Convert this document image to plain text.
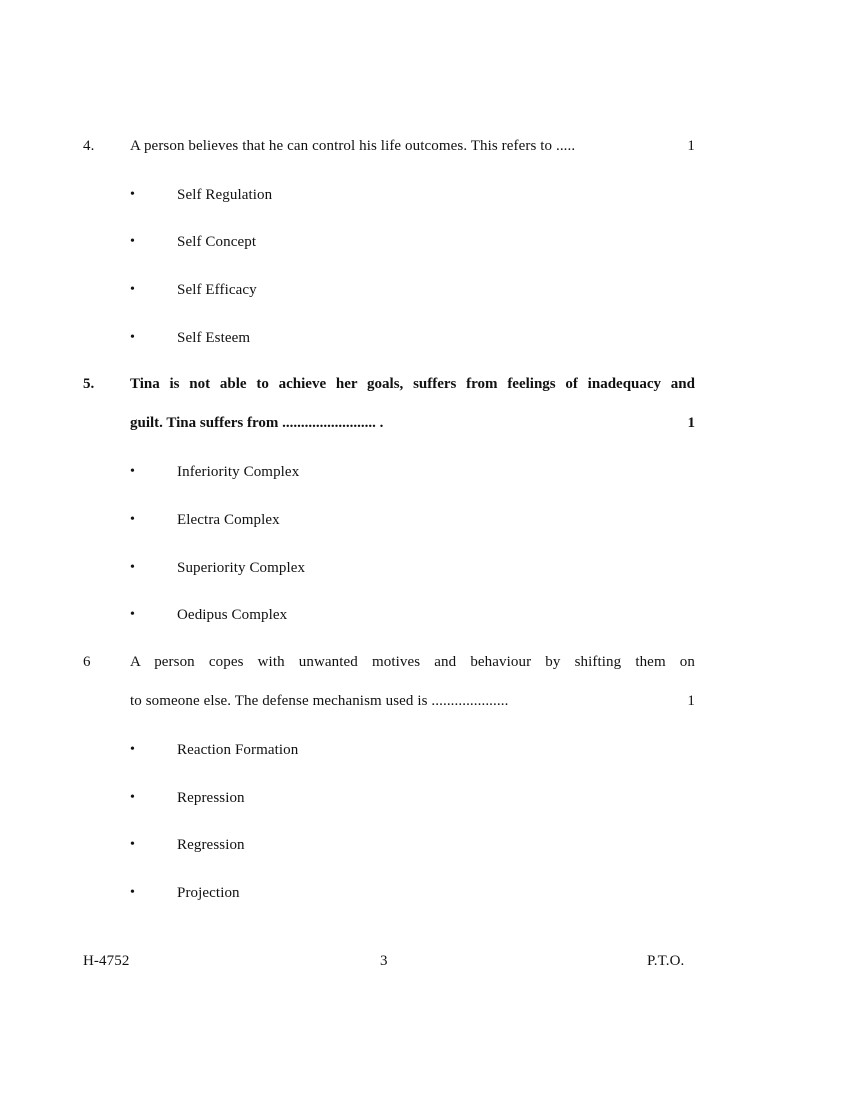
4. A person believes that he can control his life outcomes. This refers to .....	1
•	Self Regulation
•	Self Concept
•	Self Efficacy
•	Self Esteem
5. Tina is not able to achieve her goals, suffers from feelings of inadequacy and
guilt. Tina suffers from ......................... .	1
•	Inferiority Complex
•	Electra Complex
•	Superiority Complex
•	Oedipus Complex
6	A person copes with unwanted motives and behaviour by shifting them on
to someone else. The defense mechanism used is ....................	1
•	Reaction Formation
•	Repression
•	Regression
•	Projection
H-4752	3	P.T.O.
